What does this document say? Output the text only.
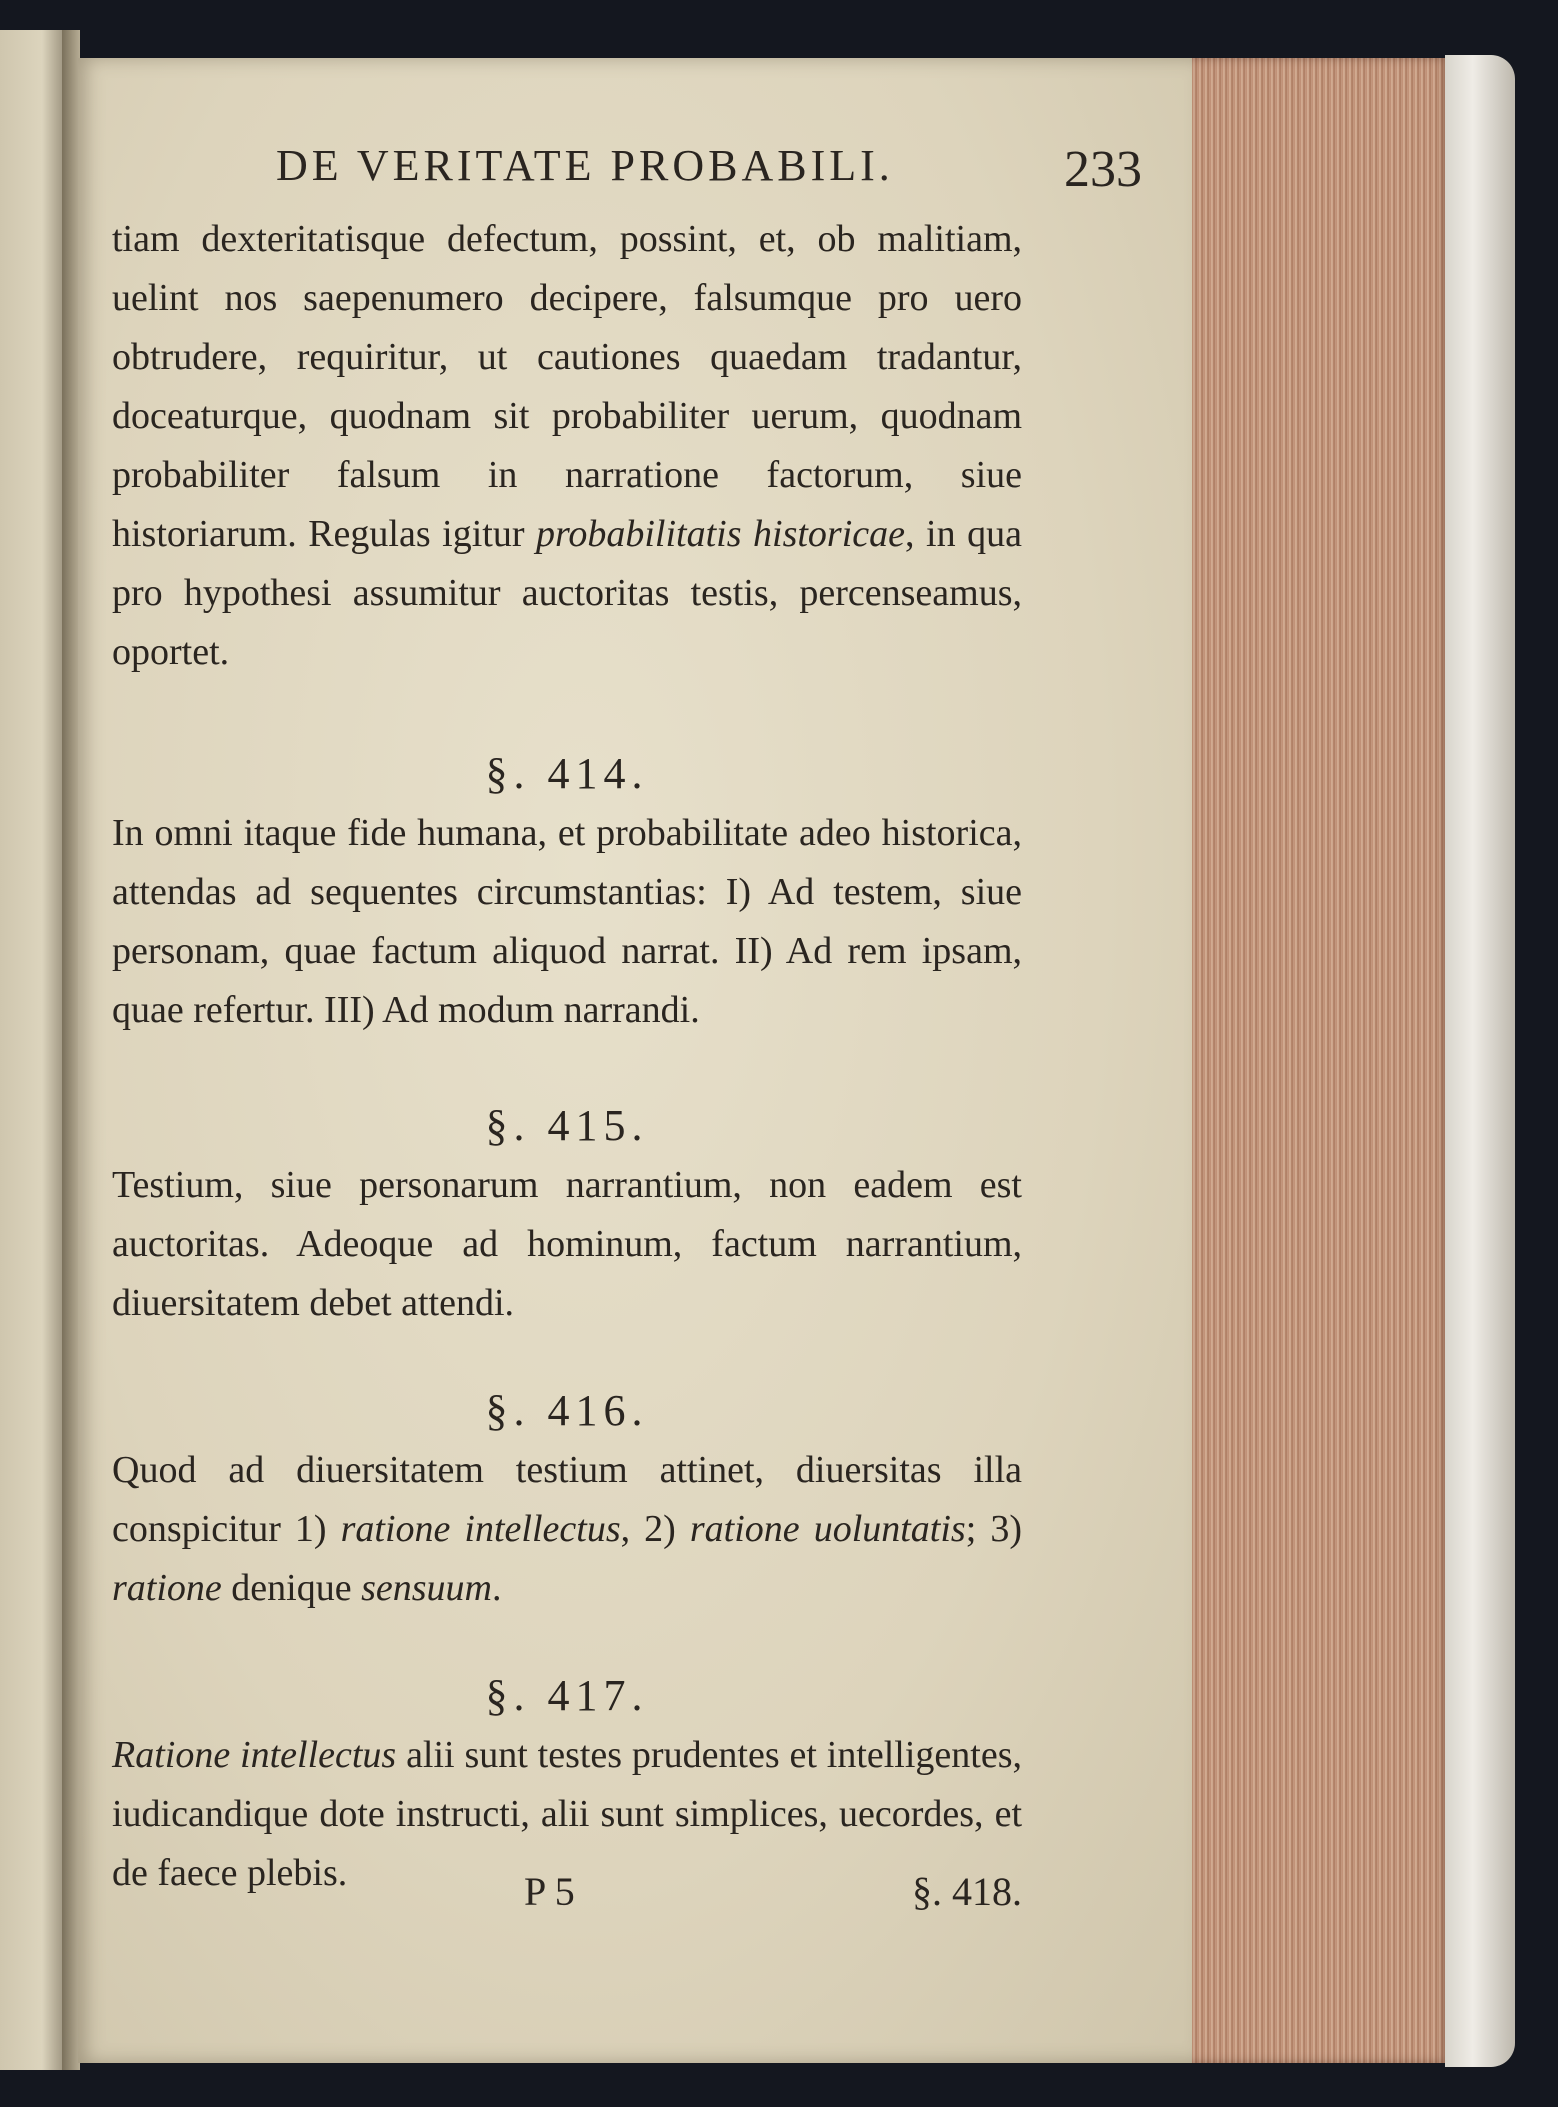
DE VERITATE PROBABILI.	233

tiam dexteritatisque defectum, possint, et, ob malitiam, uelint nos saepenumero decipere, falsumque pro uero obtrudere, requiritur, ut cautiones quaedam tradantur, doceaturque, quodnam sit probabiliter uerum, quodnam probabiliter falsum in narratione factorum, siue historiarum. Regulas igitur probabilitatis historicae, in qua pro hypothesi assumitur auctoritas testis, percenseamus, oportet.

§. 414.

In omni itaque fide humana, et probabilitate adeo historica, attendas ad sequentes circumstantias: I) Ad testem, siue personam, quae factum aliquod narrat. II) Ad rem ipsam, quae refertur. III) Ad modum narrandi.

§. 415.

Testium, siue personarum narrantium, non eadem est auctoritas. Adeoque ad hominum, factum narrantium, diuersitatem debet attendi.

§. 416.

Quod ad diuersitatem testium attinet, diuersitas illa conspicitur 1) ratione intellectus, 2) ratione uoluntatis; 3) ratione denique sensuum.

§. 417.

Ratione intellectus alii sunt testes prudentes et intelligentes, iudicandique dote instructi, alii sunt simplices, uecordes, et de faece plebis.	P 5	§. 418.
